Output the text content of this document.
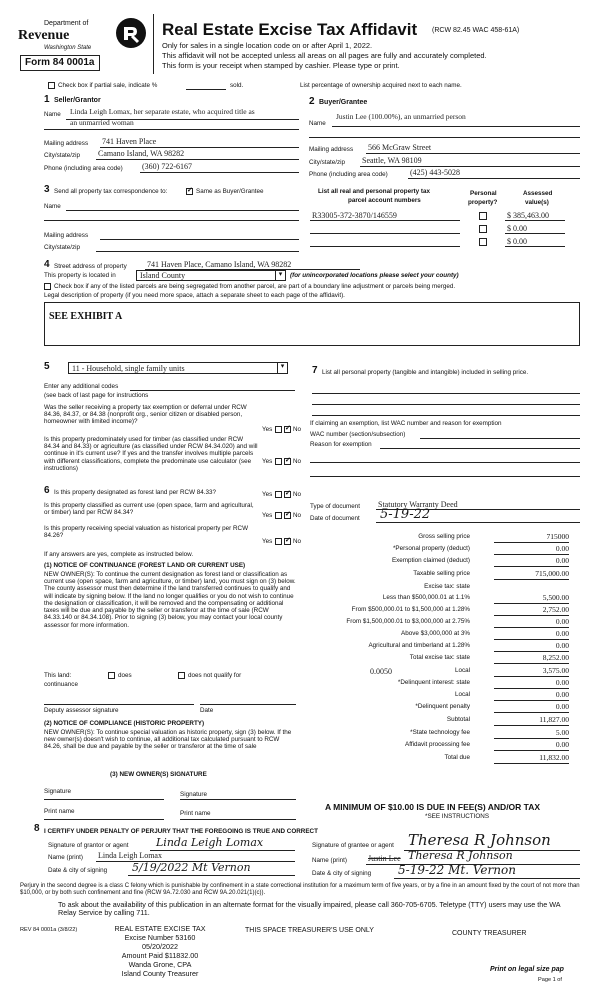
Department of
Revenue
Washington State
Form 84 0001a
Real Estate Excise Tax Affidavit (RCW 82.45 WAC 458-61A)
Only for sales in a single location code on or after April 1, 2022.
This affidavit will not be accepted unless all areas on all pages are fully and accurately completed.
This form is your receipt when stamped by cashier. Please type or print.
Check box if partial sale, indicate %	sold.	List percentage of ownership acquired next to each name.
1 Seller/Grantor
Name Linda Leigh Lomax, her separate estate, who acquired title as
an unmarried woman
Mailing address 741 Haven Place
City/state/zip Camano Island, WA 98282
Phone (including area code) (360) 722-6167
2 Buyer/Grantee
Name
Justin Lee (100.00%), an unmarried person
Mailing address 566 McGraw Street
City/state/zip Seattle, WA 98109
Phone (including area code)	(425) 443-5028
3 Send all property tax correspondence to: ✓	Same as Buyer/Grantee
Name
Mailing address
City/state/zip
List all real and personal property tax
parcel account numbers
Personal
property?
Assessed
value(s)
R33005-372-3870/146559	$ 385,463.00
$ 0.00
$ 0.00
4 Street address of property	741 Haven Place, Camano Island, WA 98282
This property is located in	Island County	▾	(for unincorporated locations please select your county)
Check box if any of the listed parcels are being segregated from another parcel, are part of a boundary line adjustment or parcels being merged.
Legal description of property (if you need more space, attach a separate sheet to each page of the affidavit).
SEE EXHIBIT A
5	11 - Household, single family units	▾
Enter any additional codes
(see back of last page for instructions
Was the seller receiving a property tax exemption or deferral under RCW 84.36, 84.37, or 84.38 (nonprofit org., senior citizen or disabled person, homeowner with limited income)?
Yes ✓	No
Is this property predominately used for timber (as classified under RCW 84.34 and 84.33) or agriculture (as classified under RCW 84.34.020) and will continue in it's current use? If yes and the transfer involves multiple parcels with different classifications, complete the predominate use calculator (see instructions)
Yes ✓	No
6 Is this property designated as forest land per RCW 84.33?	Yes ✓	No
Is this property classified as current use (open space, farm and agricultural, or timber) land per RCW 84.34?	Yes ✓	No
Is this property receiving special valuation as historical property per RCW 84.26?
Yes ✓	No
If any answers are yes, complete as instructed below.
(1) NOTICE OF CONTINUANCE (FOREST LAND OR CURRENT USE)
NEW OWNER(S): To continue the current designation as forest land or classification as current use (open space, farm and agriculture, or timber) land, you must sign on (3) below. The county assessor must then determine if the land transferred continues to qualify and will indicate by signing below. If the land no longer qualifies or you do not wish to continue the designation or classification, it will be removed and the compensating or additional taxes will be due and payable by the seller or transferor at the time of sale (RCW 84.33.140 or 84.34.108). Prior to signing (3) below, you may contact your local county assessor for more information.
This land:	does	does not qualify for
continuance
Deputy assessor signature	Date
(2) NOTICE OF COMPLIANCE (HISTORIC PROPERTY)
NEW OWNER(S): To continue special valuation as historic property, sign (3) below. If the new owner(s) doesn't wish to continue, all additional tax calculated pursuant to RCW 84.26, shall be due and payable by the seller or transferor at the time of sale
(3) NEW OWNER(S) SIGNATURE
Signature	Signature
Print name	Print name
7 List all personal property (tangible and intangible) included in selling price.
If claiming an exemption, list WAC number and reason for exemption
WAC number (section/subsection)
Reason for exemption
Type of document Statutory Warranty Deed
Date of document 5-19-22
Gross selling price	715000
*Personal property (deduct)	0.00
Exemption claimed (deduct)	0.00
Taxable selling price	715,000.00
Excise tax: state
Less than $500,000.01 at 1.1%	5,500.00
From $500,000.01 to $1,500,000 at 1.28%	2,752.00
From $1,500,000.01 to $3,000,000 at 2.75%	0.00
Above $3,000,000 at 3%	0.00
Agricultural and timberland at 1.28%	0.00
Total excise tax: state	8,252.00
Local
0.0050	3,575.00
*Delinquent interest: state	0.00
Local	0.00
*Delinquent penalty	0.00
Subtotal	11,827.00
*State technology fee	5.00
Affidavit processing fee	0.00
Total due	11,832.00
A MINIMUM OF $10.00 IS DUE IN FEE(S) AND/OR TAX
*SEE INSTRUCTIONS
8 I CERTIFY UNDER PENALTY OF PERJURY THAT THE FOREGOING IS TRUE AND CORRECT
Signature of grantor or agent Linda Leigh Lomax
Name (print) Linda Leigh Lomax
Date & city of signing 5/19/2022 Mt Vernon
Signature of grantee or agent Theresa R Johnson
Name (print)	Justin Lee Theresa R Johnson
Date & city of signing 5-19-22 Mt. Vernon
Perjury in the second degree is a class C felony which is punishable by confinement in a state correctional institution for a maximum term of five years, or by a fine in an amount fixed by the court of not more than $10,000, or by both such confinement and fine (RCW 9A.72.030 and RCW 9A.20.021(1)(c)).
To ask about the availability of this publication in an alternate format for the visually impaired, please call 360-705-6705. Teletype (TTY) users may use the WA Relay Service by calling 711.
REV 84 0001a (3/8/22)	REAL ESTATE EXCISE TAX
Excise Number 53160
05/20/2022
Amount Paid $11832.00
Wanda Grone, CPA
Island County Treasurer
THIS SPACE TREASURER'S USE ONLY	COUNTY TREASURER
Print on legal size pap
Page 1 of
